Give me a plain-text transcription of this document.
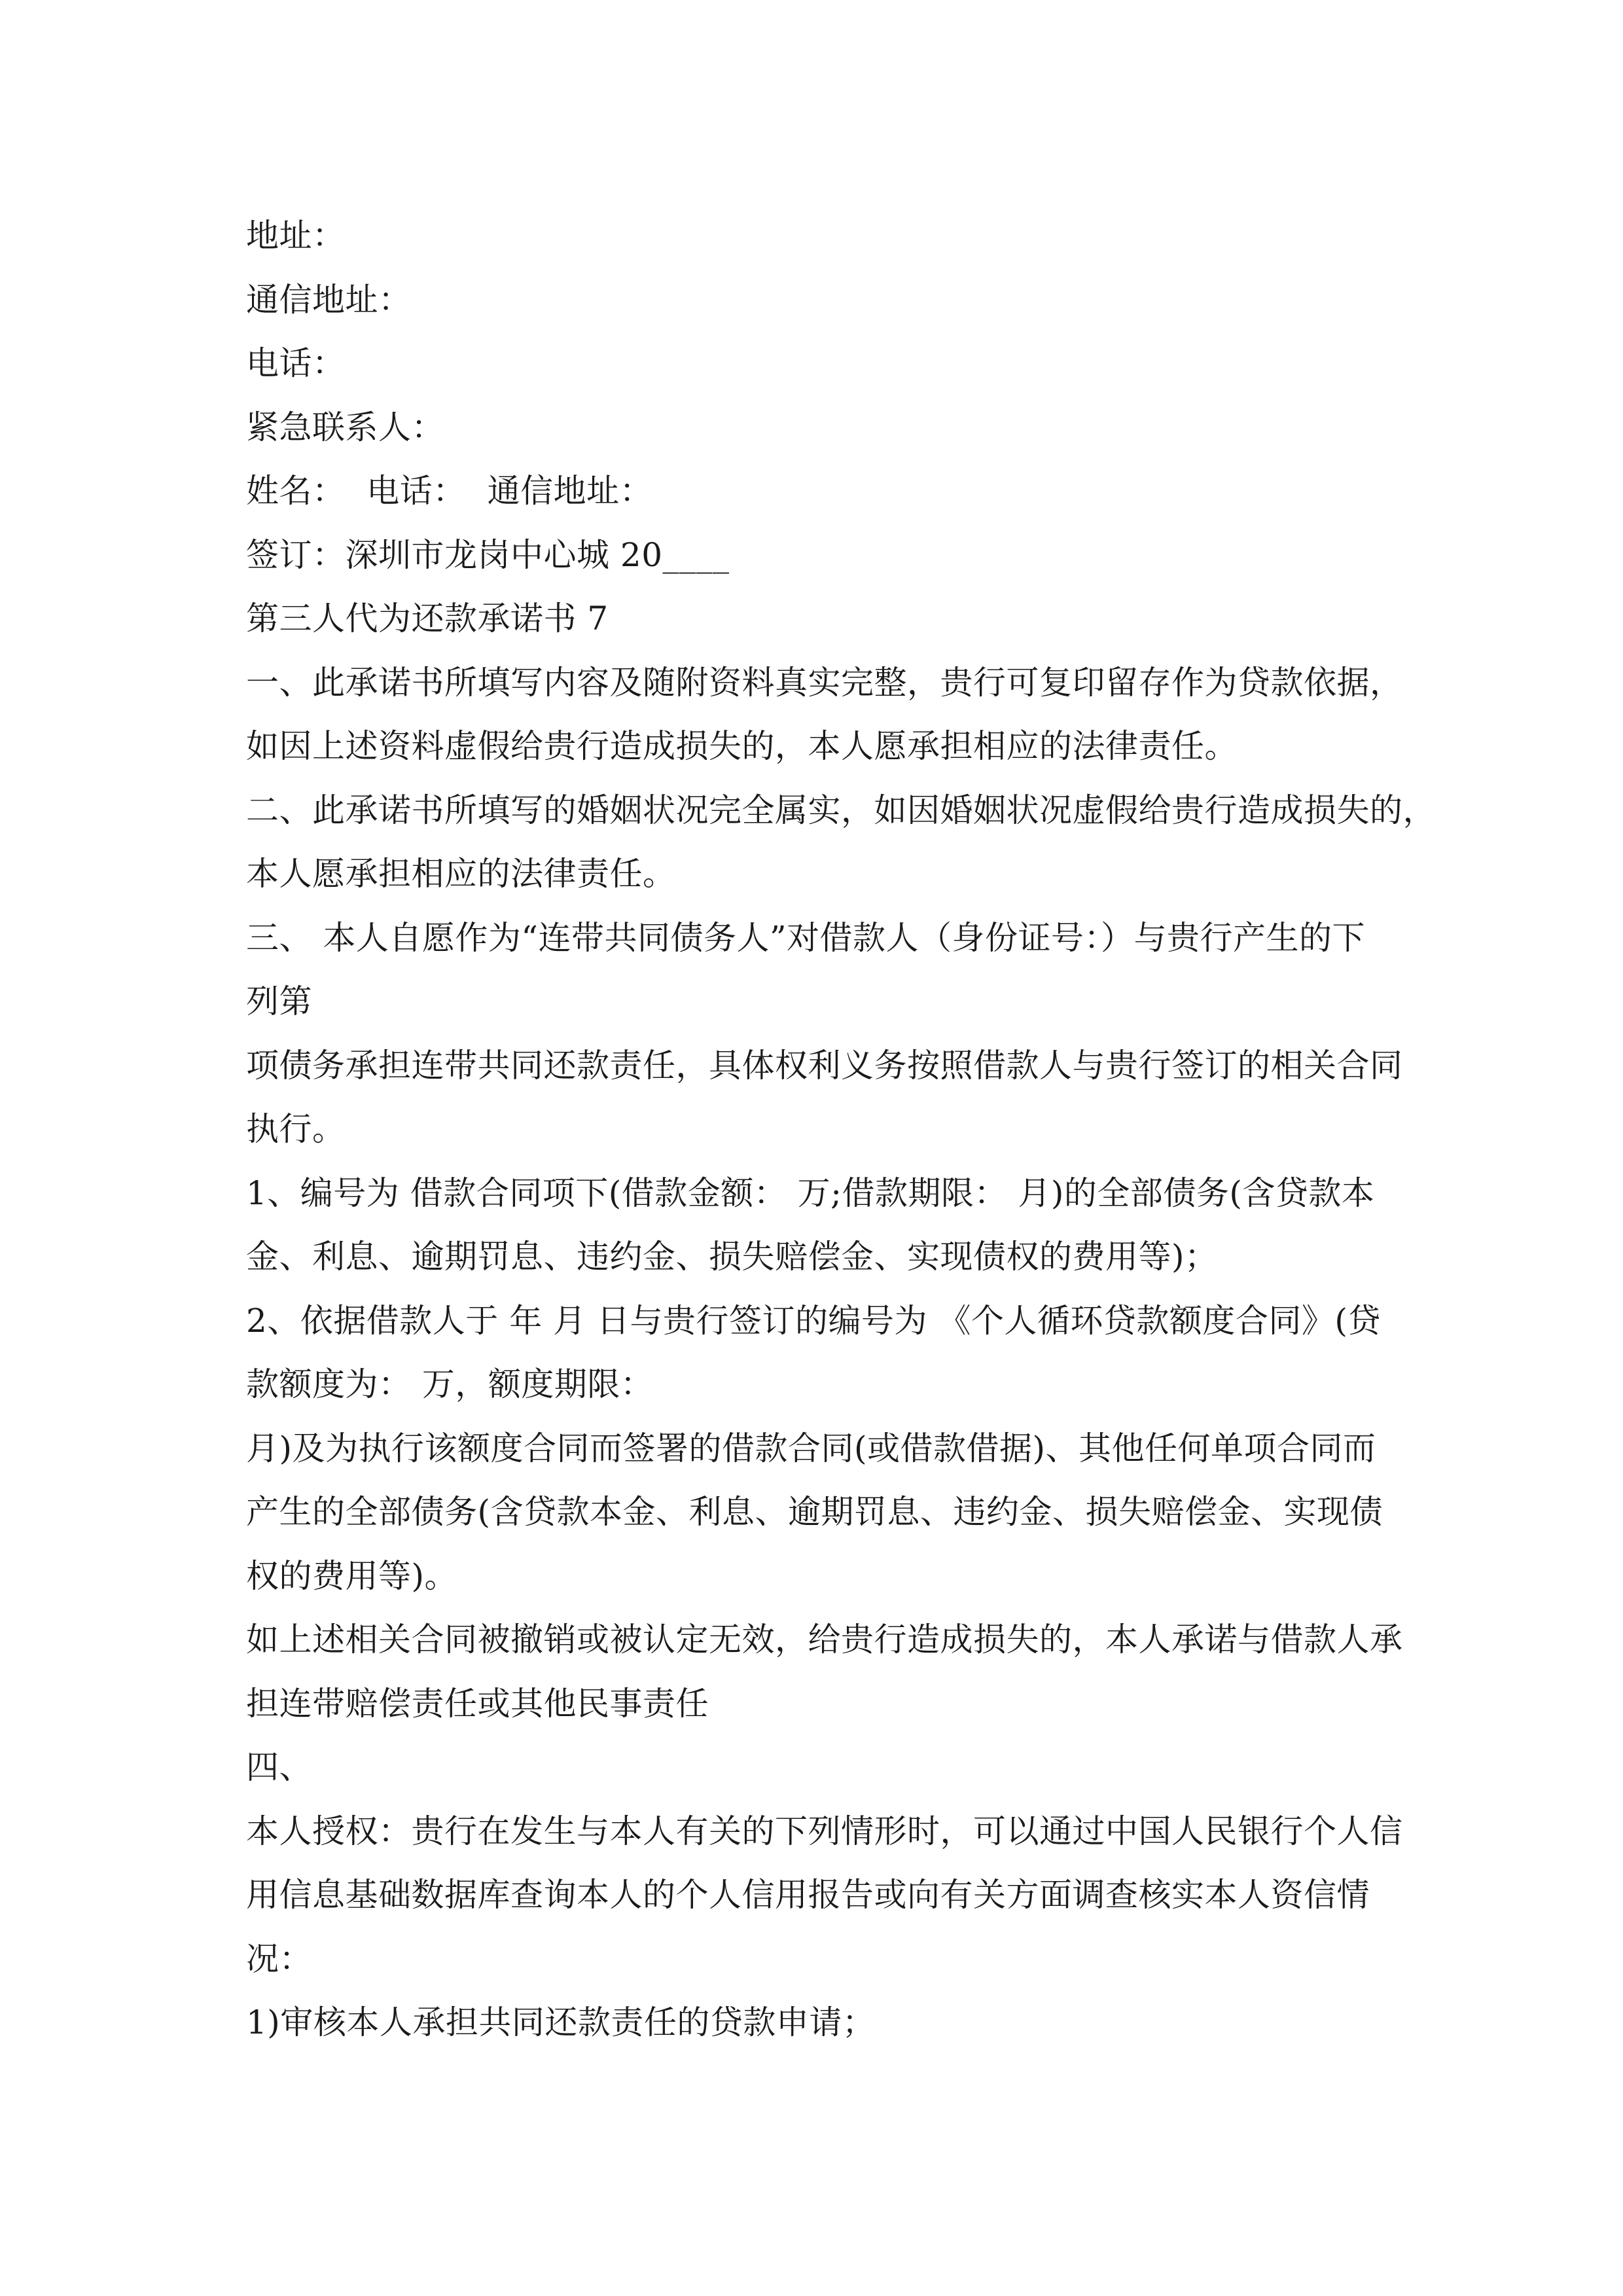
地址：
通信地址：
电话：
紧急联系人：
姓名：  电话：  通信地址：
签订：深圳市龙岗中心城 20____
第三人代为还款承诺书 7
一、此承诺书所填写内容及随附资料真实完整，贵行可复印留存作为贷款依据，
如因上述资料虚假给贵行造成损失的，本人愿承担相应的法律责任。
二、此承诺书所填写的婚姻状况完全属实，如因婚姻状况虚假给贵行造成损失的，
本人愿承担相应的法律责任。
三、 本人自愿作为“连带共同债务人”对借款人（身份证号：）与贵行产生的下
列第
项债务承担连带共同还款责任，具体权利义务按照借款人与贵行签订的相关合同
执行。
1、编号为 借款合同项下(借款金额： 万;借款期限： 月)的全部债务(含贷款本
金、利息、逾期罚息、违约金、损失赔偿金、实现债权的费用等)；
2、依据借款人于 年 月 日与贵行签订的编号为 《个人循环贷款额度合同》(贷
款额度为： 万，额度期限：
月)及为执行该额度合同而签署的借款合同(或借款借据)、其他任何单项合同而
产生的全部债务(含贷款本金、利息、逾期罚息、违约金、损失赔偿金、实现债
权的费用等)。
如上述相关合同被撤销或被认定无效，给贵行造成损失的，本人承诺与借款人承
担连带赔偿责任或其他民事责任
四、
本人授权：贵行在发生与本人有关的下列情形时，可以通过中国人民银行个人信
用信息基础数据库查询本人的个人信用报告或向有关方面调查核实本人资信情
况：
1)审核本人承担共同还款责任的贷款申请；
